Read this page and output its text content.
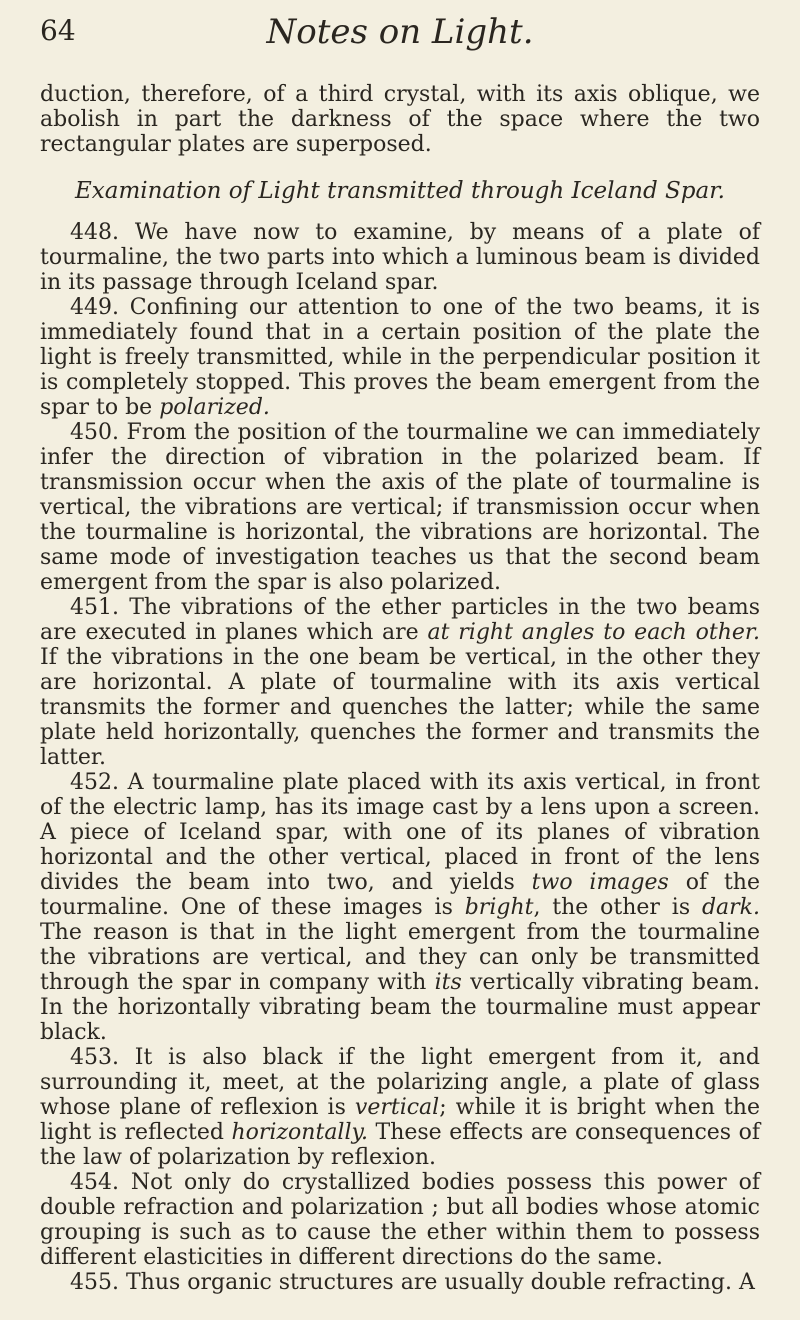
64	Notes on Light.

duction, therefore, of a third crystal, with its axis oblique, we abolish in part the darkness of the space where the two rectangular plates are superposed.

Examination of Light transmitted through Iceland Spar.

448. We have now to examine, by means of a plate of tourmaline, the two parts into which a luminous beam is divided in its passage through Iceland spar.

449. Confining our attention to one of the two beams, it is immediately found that in a certain position of the plate the light is freely transmitted, while in the perpendicular position it is completely stopped. This proves the beam emergent from the spar to be polarized.

450. From the position of the tourmaline we can immediately infer the direction of vibration in the polarized beam. If transmission occur when the axis of the plate of tourmaline is vertical, the vibrations are vertical; if transmission occur when the tourmaline is horizontal, the vibrations are horizontal. The same mode of investigation teaches us that the second beam emergent from the spar is also polarized.

451. The vibrations of the ether particles in the two beams are executed in planes which are at right angles to each other. If the vibrations in the one beam be vertical, in the other they are horizontal. A plate of tourmaline with its axis vertical transmits the former and quenches the latter; while the same plate held horizontally, quenches the former and transmits the latter.

452. A tourmaline plate placed with its axis vertical, in front of the electric lamp, has its image cast by a lens upon a screen. A piece of Iceland spar, with one of its planes of vibration horizontal and the other vertical, placed in front of the lens divides the beam into two, and yields two images of the tourmaline. One of these images is bright, the other is dark. The reason is that in the light emergent from the tourmaline the vibrations are vertical, and they can only be transmitted through the spar in company with its vertically vibrating beam. In the horizontally vibrating beam the tourmaline must appear black.

453. It is also black if the light emergent from it, and surrounding it, meet, at the polarizing angle, a plate of glass whose plane of reflexion is vertical; while it is bright when the light is reflected horizontally. These effects are consequences of the law of polarization by reflexion.

454. Not only do crystallized bodies possess this power of double refraction and polarization ; but all bodies whose atomic grouping is such as to cause the ether within them to possess different elasticities in different directions do the same.

455. Thus organic structures are usually double refracting. A
